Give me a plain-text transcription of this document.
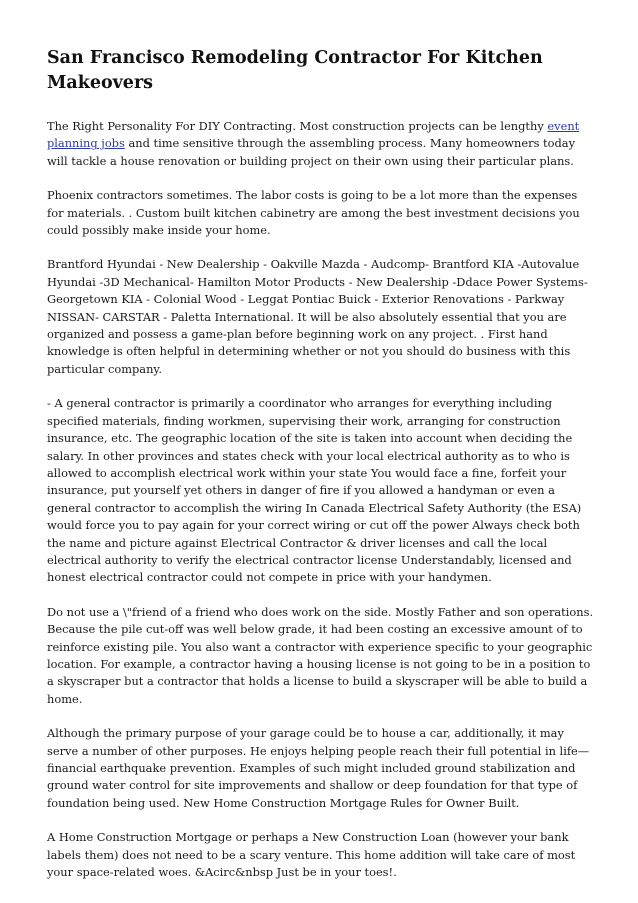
San Francisco Remodeling Contractor For Kitchen Makeovers

The Right Personality For DIY Contracting. Most construction projects can be lengthy event planning jobs and time sensitive through the assembling process. Many homeowners today will tackle a house renovation or building project on their own using their particular plans.

Phoenix contractors sometimes. The labor costs is going to be a lot more than the expenses for materials. . Custom built kitchen cabinetry are among the best investment decisions you could possibly make inside your home.

Brantford Hyundai - New Dealership - Oakville Mazda - Audcomp- Brantford KIA -Autovalue Hyundai -3D Mechanical- Hamilton Motor Products - New Dealership -Ddace Power Systems- Georgetown KIA - Colonial Wood - Leggat Pontiac Buick - Exterior Renovations - Parkway NISSAN- CARSTAR - Paletta International. It will be also absolutely essential that you are organized and possess a game-plan before beginning work on any project. . First hand knowledge is often helpful in determining whether or not you should do business with this particular company.

- A general contractor is primarily a coordinator who arranges for everything including specified materials, finding workmen, supervising their work, arranging for construction insurance, etc. The geographic location of the site is taken into account when deciding the salary. In other provinces and states check with your local electrical authority as to who is allowed to accomplish electrical work within your state You would face a fine, forfeit your insurance, put yourself yet others in danger of fire if you allowed a handyman or even a general contractor to accomplish the wiring In Canada Electrical Safety Authority (the ESA) would force you to pay again for your correct wiring or cut off the power Always check both the name and picture against Electrical Contractor & driver licenses and call the local electrical authority to verify the electrical contractor license Understandably, licensed and honest electrical contractor could not compete in price with your handymen.

Do not use a \"friend of a friend who does work on the side. Mostly Father and son operations. Because the pile cut-off was well below grade, it had been costing an excessive amount of to reinforce existing pile. You also want a contractor with experience specific to your geographic location. For example, a contractor having a housing license is not going to be in a position to a skyscraper but a contractor that holds a license to build a skyscraper will be able to build a home.

Although the primary purpose of your garage could be to house a car, additionally, it may serve a number of other purposes. He enjoys helping people reach their full potential in life—financial earthquake prevention. Examples of such might included ground stabilization and ground water control for site improvements and shallow or deep foundation for that type of foundation being used. New Home Construction Mortgage Rules for Owner Built.

A Home Construction Mortgage or perhaps a New Construction Loan (however your bank labels them) does not need to be a scary venture. This home addition will take care of most your space-related woes. &Acirc&nbsp Just be in your toes!.
